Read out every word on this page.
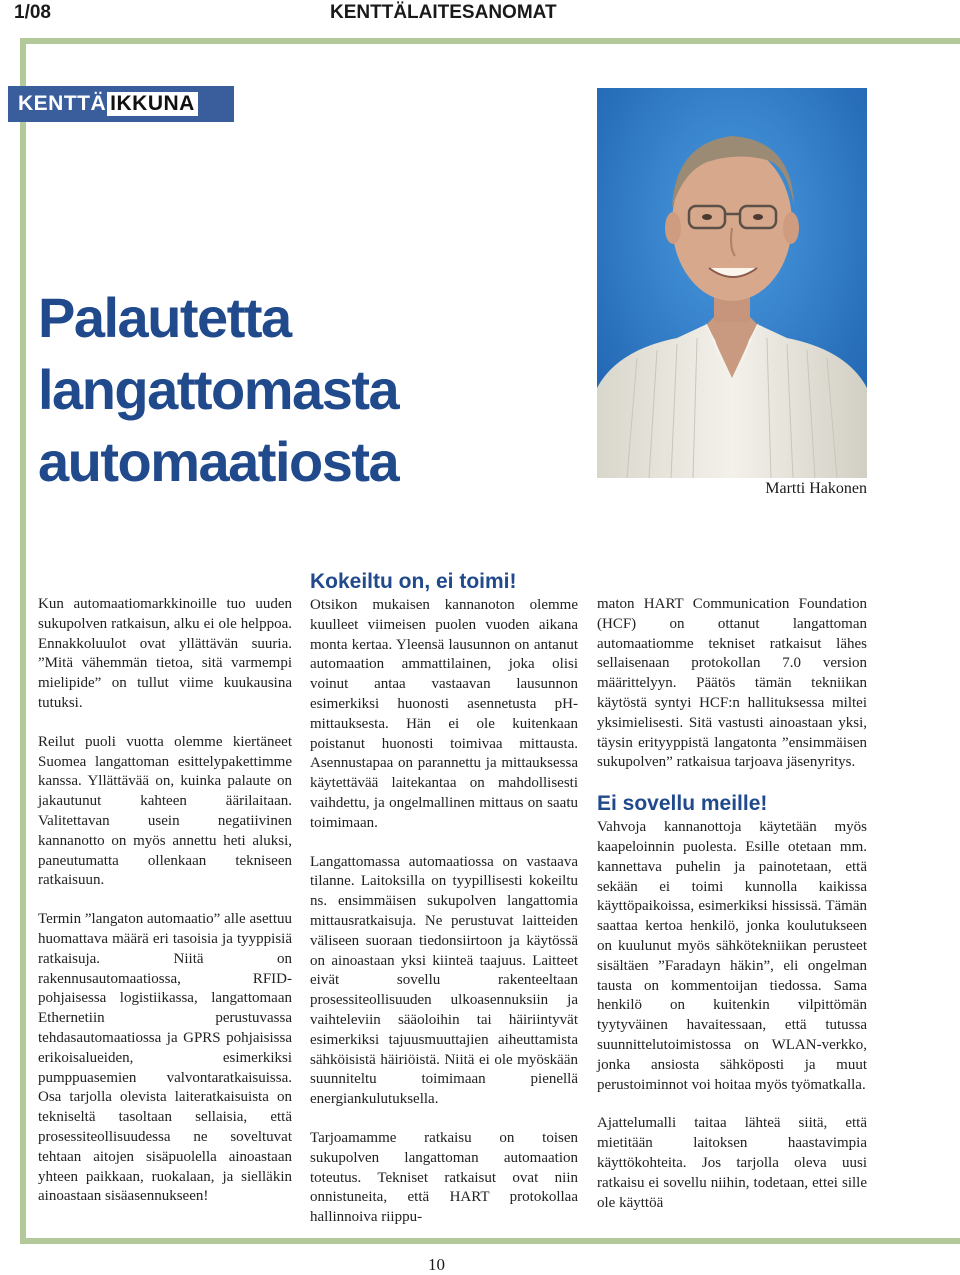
1/08	KENTTÄLAITESANOMAT
KENTTÄ IKKUNA
Palautetta
langattomasta
automaatiosta	Martti Hakonen

Kun automaatiomarkkinoille tuo uuden sukupolven ratkaisun, alku ei ole helppoa. Ennakkoluulot ovat yllättävän suuria. ”Mitä vähemmän tietoa, sitä varmempi mielipide” on tullut viime kuukausina tutuksi.

Reilut puoli vuotta olemme kiertäneet Suomea langattoman esittelypakettimme kanssa. Yllättävää on, kuinka palaute on jakautunut kahteen äärilaitaan. Valitettavan usein negatiivinen kannanotto on myös annettu heti aluksi, paneutumatta ollenkaan tekniseen ratkaisuun.

Termin ”langaton automaatio” alle asettuu huomattava määrä eri tasoisia ja tyyppisiä ratkaisuja. Niitä on rakennusautomaatiossa, RFID-pohjaisessa logistiikassa, langattomaan Ethernetiin perustuvassa tehdasautomaatiossa ja GPRS pohjaisissa erikoisalueiden, esimerkiksi pumppuasemien valvontaratkaisuissa. Osa tarjolla olevista laiteratkaisuista on tekniseltä tasoltaan sellaisia, että prosessiteollisuudessa ne soveltuvat tehtaan aitojen sisäpuolella ainoastaan yhteen paikkaan, ruokalaan, ja sielläkin ainoastaan sisäasennukseen!

Kokeiltu on, ei toimi!

Otsikon mukaisen kannanoton olemme kuulleet viimeisen puolen vuoden aikana monta kertaa. Yleensä lausunnon on antanut automaation ammattilainen, joka olisi voinut antaa vastaavan lausunnon esimerkiksi huonosti asennetusta pH-mittauksesta. Hän ei ole kuitenkaan poistanut huonosti toimivaa mittausta. Asennustapaa on parannettu ja mittauksessa käytettävää laitekantaa on mahdollisesti vaihdettu, ja ongelmallinen mittaus on saatu toimimaan.

Langattomassa automaatiossa on vastaava tilanne. Laitoksilla on tyypillisesti kokeiltu ns. ensimmäisen sukupolven langattomia mittausratkaisuja. Ne perustuvat laitteiden väliseen suoraan tiedonsiirtoon ja käytössä on ainoastaan yksi kiinteä taajuus. Laitteet eivät sovellu rakenteeltaan prosessiteollisuuden ulkoasennuksiin ja vaihteleviin sääoloihin tai häiriintyvät esimerkiksi tajuusmuuttajien aiheuttamista sähköisistä häiriöistä. Niitä ei ole myöskään suunniteltu toimimaan pienellä energiankulutuksella.

Tarjoamamme ratkaisu on toisen sukupolven langattoman automaation toteutus. Tekniset ratkaisut ovat niin onnistuneita, että HART protokollaa hallinnoiva riippu-

maton HART Communication Foundation (HCF) on ottanut langattoman automaatiomme tekniset ratkaisut lähes sellaisenaan protokollan 7.0 version määrittelyyn. Päätös tämän tekniikan käytöstä syntyi HCF:n hallituksessa miltei yksimielisesti. Sitä vastusti ainoastaan yksi, täysin erityyppistä langatonta ”ensimmäisen sukupolven” ratkaisua tarjoava jäsenyritys.

Ei sovellu meille!

Vahvoja kannanottoja käytetään myös kaapeloinnin puolesta. Esille otetaan mm. kannettava puhelin ja painotetaan, että sekään ei toimi kunnolla kaikissa käyttöpaikoissa, esimerkiksi hississä. Tämän saattaa kertoa henkilö, jonka koulutukseen on kuulunut myös sähkötekniikan perusteet sisältäen ”Faradayn häkin”, eli ongelman tausta on kommentoijan tiedossa. Sama henkilö on kuitenkin vilpittömän tyytyväinen havaitessaan, että tutussa suunnittelutoimistossa on WLAN-verkko, jonka ansiosta sähköposti ja muut perustoiminnot voi hoitaa myös työmatkalla.

Ajattelumalli taitaa lähteä siitä, että mietitään laitoksen haastavimpia käyttökohteita. Jos tarjolla oleva uusi ratkaisu ei sovellu niihin, todetaan, ettei sille ole käyttöä

10
